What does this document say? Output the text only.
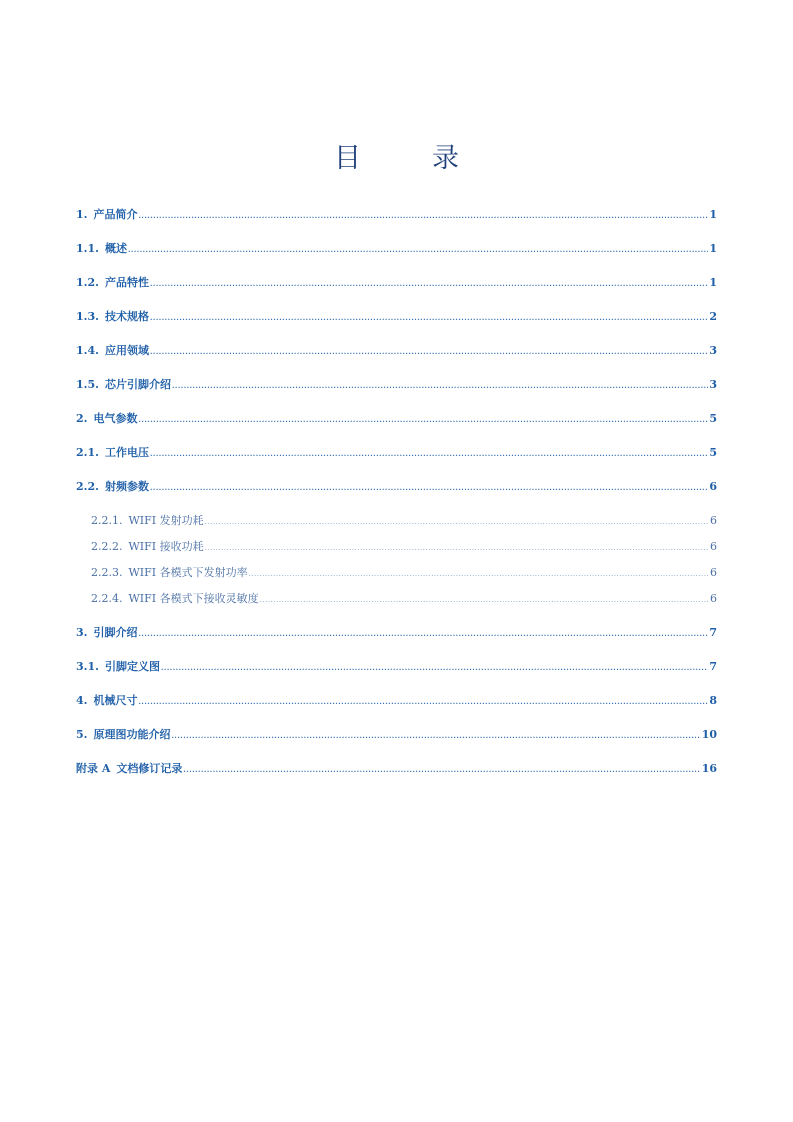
目　录
1. 产品简介 .....	1
1.1. 概述 .....	1
1.2. 产品特性 .....	1
1.3. 技术规格 .....	2
1.4. 应用领域 .....	3
1.5. 芯片引脚介绍 .....	3
2. 电气参数 .....	5
2.1. 工作电压 .....	5
2.2. 射频参数 .....	6
2.2.1. WIFI 发射功耗 .....	6
2.2.2. WIFI 接收功耗 .....	6
2.2.3. WIFI 各模式下发射功率 .....	6
2.2.4. WIFI 各模式下接收灵敏度 .....	6
3. 引脚介绍 .....	7
3.1. 引脚定义图 .....	7
4. 机械尺寸 .....	8
5. 原理图功能介绍 .....	10
附录 A 文档修订记录 .....	16
